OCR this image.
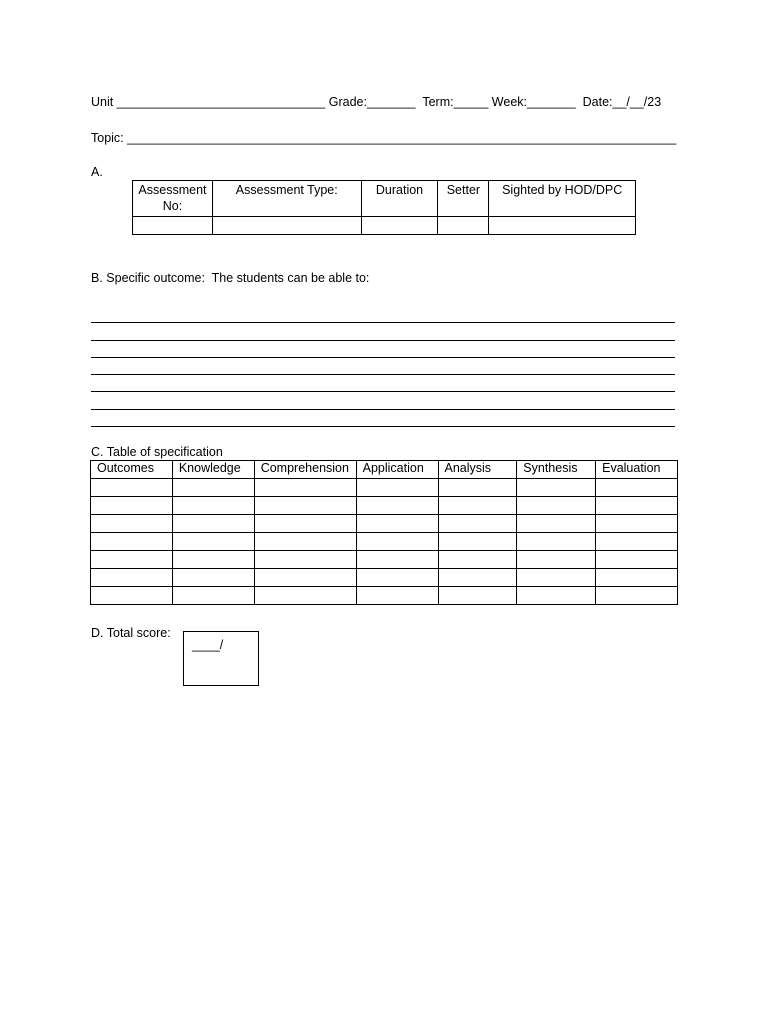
Unit ______________________________ Grade:_______  Term:_____ Week:_______  Date:__/__/23
Topic: _______________________________________________________________________________
A.
Assessment No:	Assessment Type:	Duration	Setter	Sighted by HOD/DPC

B. Specific outcome:  The students can be able to:
C. Table of specification
Outcomes	Knowledge	Comprehension	Application	Analysis	Synthesis	Evaluation

D. Total score:
____/
